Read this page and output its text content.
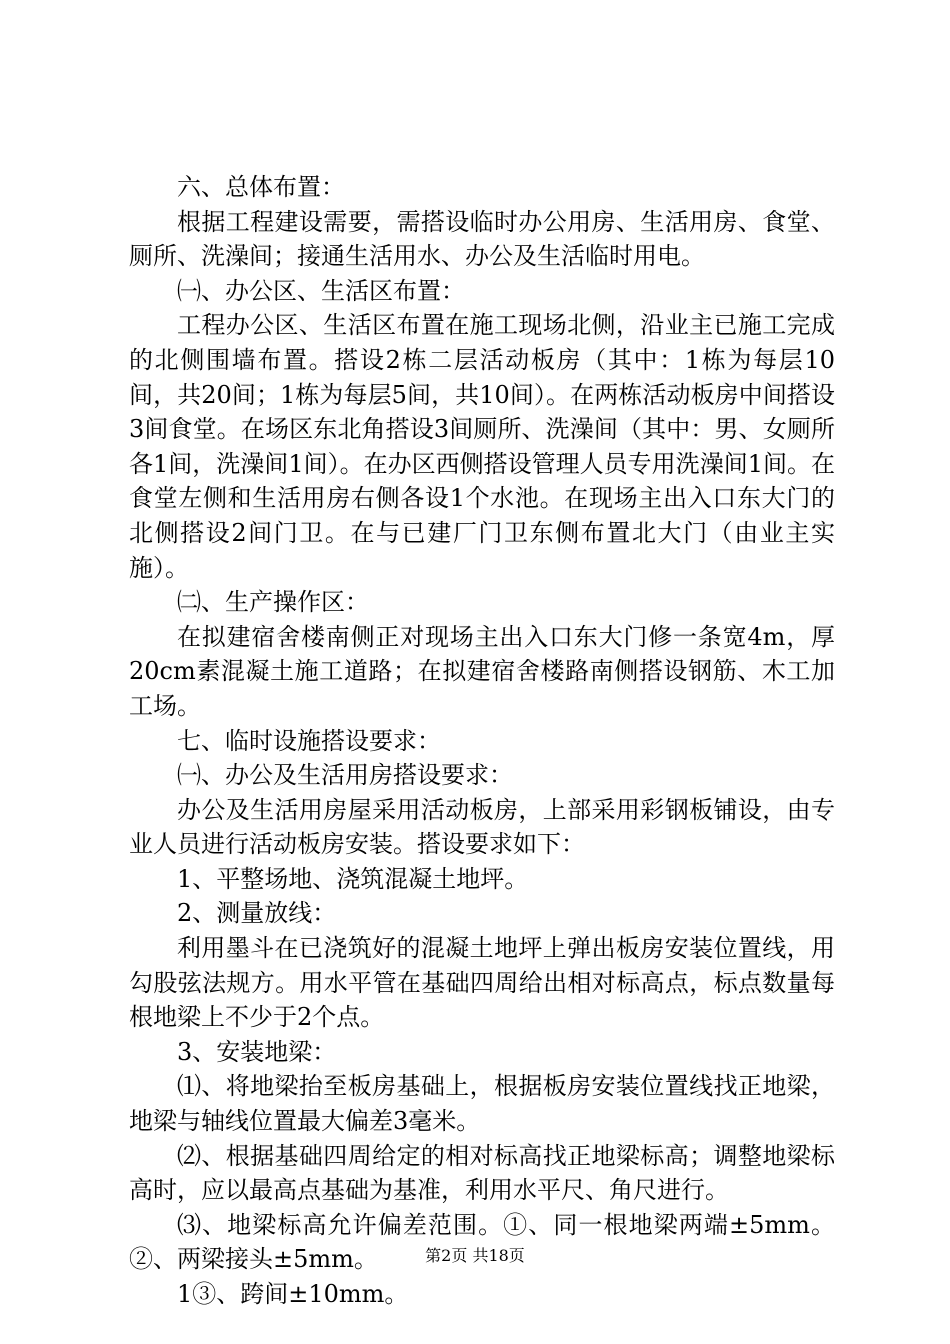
六、总体布置：

根据工程建设需要，需搭设临时办公用房、生活用房、食堂、厕所、洗澡间；接通生活用水、办公及生活临时用电。

㈠、办公区、生活区布置：

工程办公区、生活区布置在施工现场北侧，沿业主已施工完成的北侧围墙布置。搭设2栋二层活动板房（其中：1栋为每层10间，共20间；1栋为每层5间，共10间）。在两栋活动板房中间搭设3间食堂。在场区东北角搭设3间厕所、洗澡间（其中：男、女厕所各1间，洗澡间1间）。在办区西侧搭设管理人员专用洗澡间1间。在食堂左侧和生活用房右侧各设1个水池。在现场主出入口东大门的北侧搭设2间门卫。在与已建厂门卫东侧布置北大门（由业主实施）。

㈡、生产操作区：

在拟建宿舍楼南侧正对现场主出入口东大门修一条宽4m，厚20cm素混凝土施工道路；在拟建宿舍楼路南侧搭设钢筋、木工加工场。

七、临时设施搭设要求：

㈠、办公及生活用房搭设要求：

办公及生活用房屋采用活动板房，上部采用彩钢板铺设，由专业人员进行活动板房安装。搭设要求如下：

1、平整场地、浇筑混凝土地坪。

2、测量放线：

利用墨斗在已浇筑好的混凝土地坪上弹出板房安装位置线，用勾股弦法规方。用水平管在基础四周给出相对标高点，标点数量每根地梁上不少于2个点。

3、安装地梁：

⑴、将地梁抬至板房基础上，根据板房安装位置线找正地梁，地梁与轴线位置最大偏差3毫米。

⑵、根据基础四周给定的相对标高找正地梁标高；调整地梁标高时，应以最高点基础为基准，利用水平尺、角尺进行。

⑶、地梁标高允许偏差范围。①、同一根地梁两端±5mm。②、两梁接头±5mm。

1③、跨间±10mm。

第2页 共18页
